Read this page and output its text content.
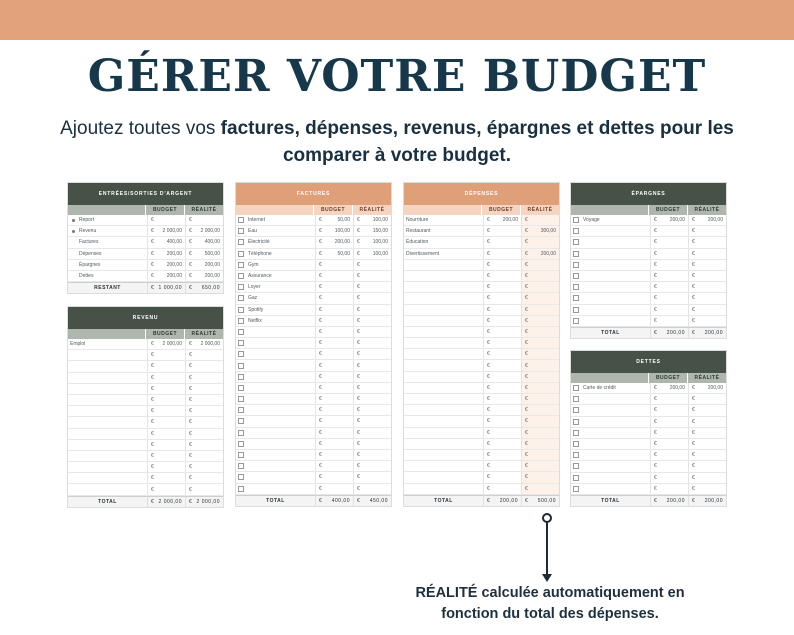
GÉRER VOTRE BUDGET

Ajoutez toutes vos factures, dépenses, revenus, épargnes et dettes pour les comparer à votre budget.

ENTRÉES/SORTIES D'ARGENT
BUDGET	RÉALITÉ
Report	€	€
Revenu	€ 2 000,00	€ 2 000,00
Factures	€	400,00	€	400,00
Dépenses	€	200,00	€	500,00
Épargnes	€	200,00	€	200,00
Dettes	€	200,00	€	200,00
RESTANT	€ 1 000,00	€ 650,00
REVENU
BUDGET	RÉALITÉ
Emploi	€ 2 000,00	€ 2 000,00
€	€
€	€
€	€
€	€
€	€
€	€
€	€
€	€
€	€
€	€
€	€
€	€
€	€
TOTAL	€ 2 000,00	€ 2 000,00
FACTURES
BUDGET	RÉALITÉ
Internet	€	50,00	€	100,00
Eau	€	100,00	€	150,00
Électricité	€	200,00	€	100,00
Téléphone	€	50,00	€	100,00
Gym	€	€
Assurance	€	€
Loyer	€	€
Gaz	€	€
Spotify	€	€
Netflix	€	€
€	€
€	€
€	€
€	€
€	€
€	€
€	€
€	€
€	€
€	€
€	€
€	€
€	€
€	€
€	€
TOTAL	€ 400,00	€ 450,00
DÉPENSES
BUDGET	RÉALITÉ
Nourriture	€	200,00	€
Restaurant	€	€	300,00
Éducation	€	€
Divertissement	€	€	200,00
€	€
€	€
€	€
€	€
€	€
€	€
€	€
€	€
€	€
€	€
€	€
€	€
€	€
€	€
€	€
€	€
€	€
€	€
€	€
€	€
€	€
TOTAL	€ 200,00	€ 500,00
ÉPARGNES
BUDGET	RÉALITÉ
Voyage	€	200,00	€	200,00
€	€
€	€
€	€
€	€
€	€
€	€
€	€
€	€
€	€
TOTAL	€ 200,00	€ 200,00
DETTES
BUDGET	RÉALITÉ
Carte de crédit	€	200,00	€	200,00
€	€
€	€
€	€
€	€
€	€
€	€
€	€
€	€
€	€
TOTAL	€ 200,00	€ 200,00

RÉALITÉ calculée automatiquement en
fonction du total des dépenses.
